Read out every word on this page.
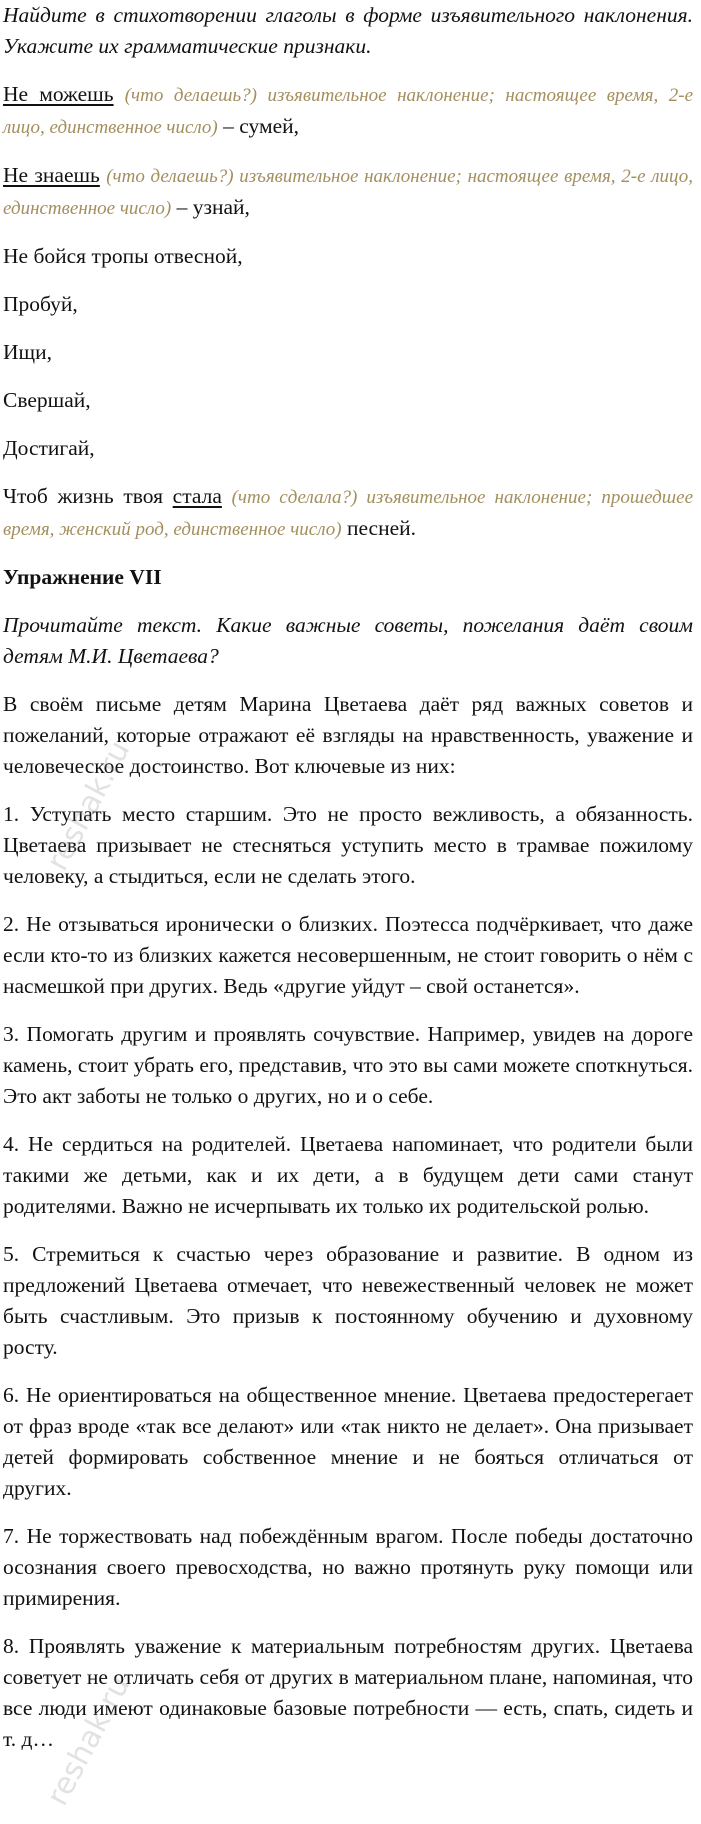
Найдите в стихотворении глаголы в форме изъявительного наклонения. Укажите их грамматические признаки.

Не можешь (что делаешь?) изъявительное наклонение; настоящее время, 2-е лицо, единственное число) – сумей,

Не знаешь (что делаешь?) изъявительное наклонение; настоящее время, 2-е лицо, единственное число) – узнай,

Не бойся тропы отвесной,

Пробуй,

Ищи,

Свершай,

Достигай,

Чтоб жизнь твоя стала (что сделала?) изъявительное наклонение; прошедшее время, женский род, единственное число) песней.

Упражнение VII

Прочитайте текст. Какие важные советы, пожелания даёт своим детям М.И. Цветаева?

В своём письме детям Марина Цветаева даёт ряд важных советов и пожеланий, которые отражают её взгляды на нравственность, уважение и человеческое достоинство. Вот ключевые из них:

1. Уступать место старшим. Это не просто вежливость, а обязанность. Цветаева призывает не стесняться уступить место в трамвае пожилому человеку, а стыдиться, если не сделать этого.

2. Не отзываться иронически о близких. Поэтесса подчёркивает, что даже если кто-то из близких кажется несовершенным, не стоит говорить о нём с насмешкой при других. Ведь «другие уйдут – свой останется».

3. Помогать другим и проявлять сочувствие. Например, увидев на дороге камень, стоит убрать его, представив, что это вы сами можете споткнуться. Это акт заботы не только о других, но и о себе.

4. Не сердиться на родителей. Цветаева напоминает, что родители были такими же детьми, как и их дети, а в будущем дети сами станут родителями. Важно не исчерпывать их только их родительской ролью.

5. Стремиться к счастью через образование и развитие. В одном из предложений Цветаева отмечает, что невежественный человек не может быть счастливым. Это призыв к постоянному обучению и духовному росту.

6. Не ориентироваться на общественное мнение. Цветаева предостерегает от фраз вроде «так все делают» или «так никто не делает». Она призывает детей формировать собственное мнение и не бояться отличаться от других.

7. Не торжествовать над побеждённым врагом. После победы достаточно осознания своего превосходства, но важно протянуть руку помощи или примирения.

8. Проявлять уважение к материальным потребностям других. Цветаева советует не отличать себя от других в материальном плане, напоминая, что все люди имеют одинаковые базовые потребности — есть, спать, сидеть и т. д…

reshak.ru
reshak.ru
